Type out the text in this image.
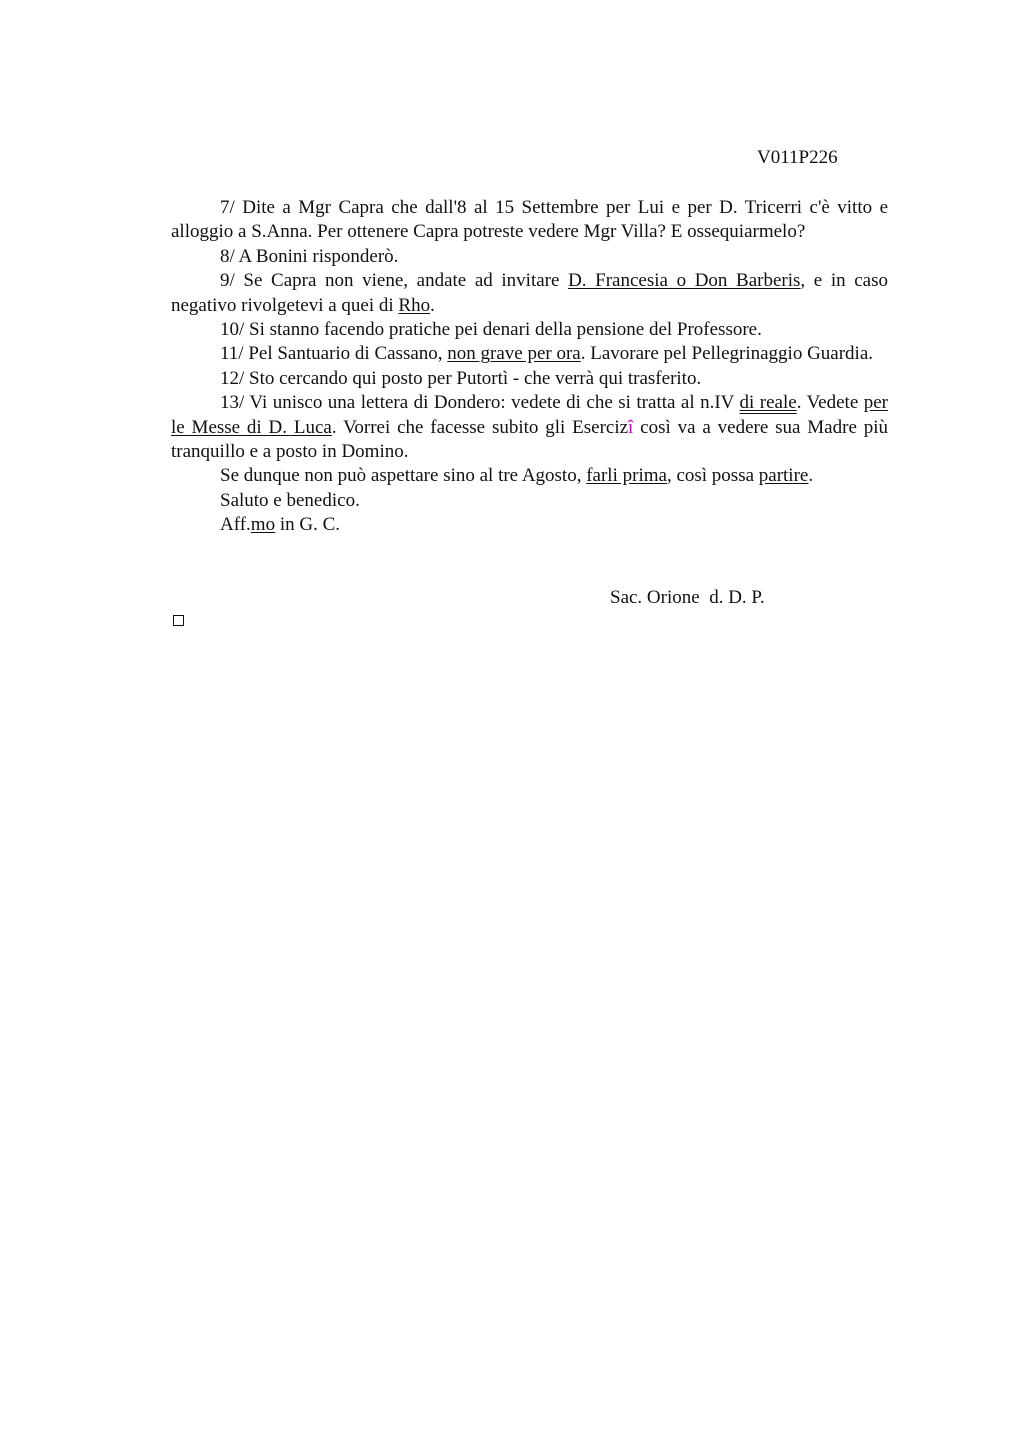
V011P226

7/ Dite a Mgr Capra che dall'8 al 15 Settembre per Lui e per D. Tricerri c'è vitto e alloggio a S.Anna. Per ottenere Capra potreste vedere Mgr Villa? E ossequiarmelo?

8/ A Bonini risponderò.

9/ Se Capra non viene, andate ad invitare D. Francesia o Don Barberis, e in caso negativo rivolgetevi a quei di Rho.

10/ Si stanno facendo pratiche pei denari della pensione del Professore.

11/ Pel Santuario di Cassano, non grave per ora. Lavorare pel Pellegrinaggio Guardia.

12/ Sto cercando qui posto per Putortì - che verrà qui trasferito.

13/ Vi unisco una lettera di Dondero: vedete di che si tratta al n.IV di reale. Vedete per le Messe di D. Luca. Vorrei che facesse subito gli Esercizî così va a vedere sua Madre più tranquillo e a posto in Domino.

Se dunque non può aspettare sino al tre Agosto, farli prima, così possa partire.

Saluto e benedico.

Aff.mo in G. C.

Sac. Orione  d. D. P.
